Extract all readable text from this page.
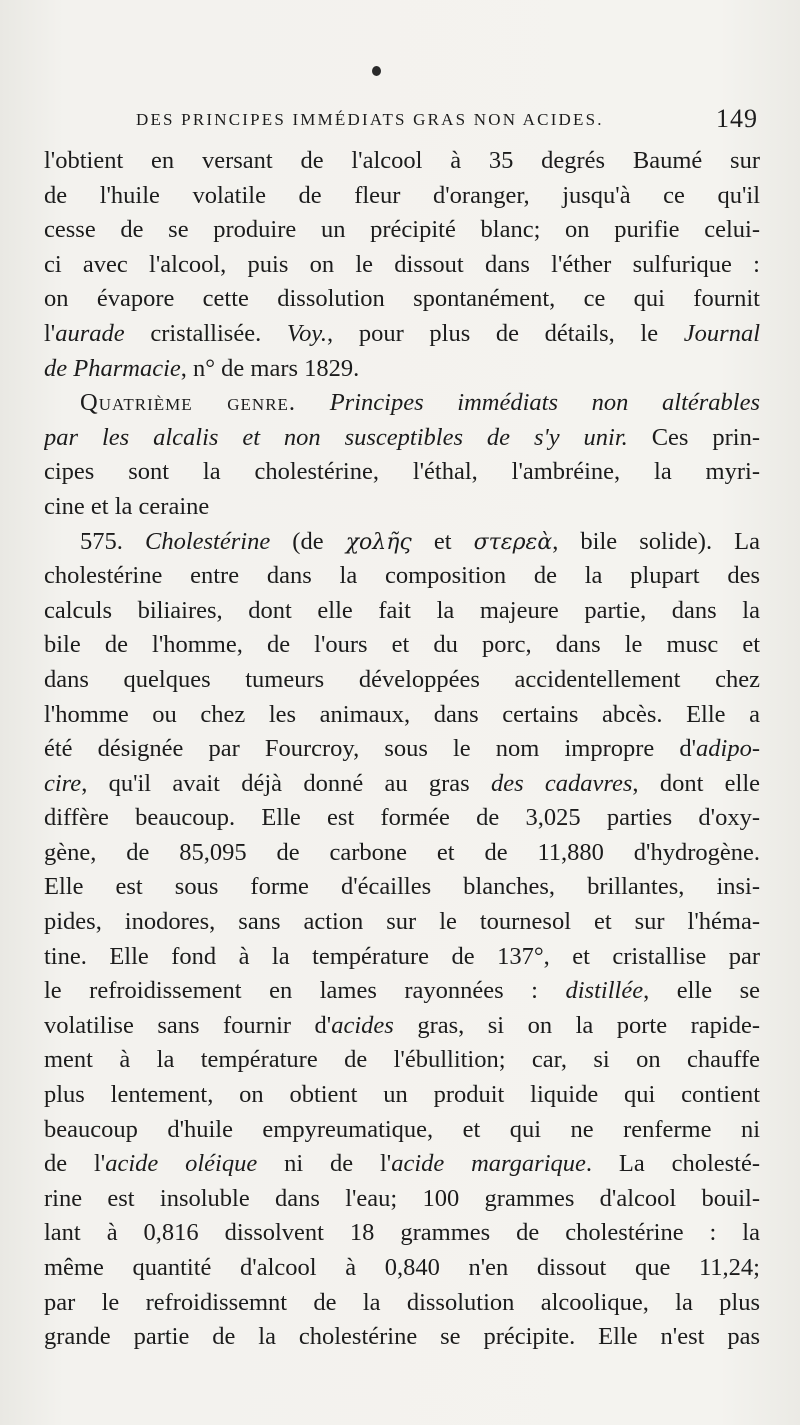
DES PRINCIPES IMMÉDIATS GRAS NON ACIDES.	149
l'obtient en versant de l'alcool à 35 degrés Baumé sur
de l'huile volatile de fleur d'oranger, jusqu'à ce qu'il
cesse de se produire un précipité blanc; on purifie celui-
ci avec l'alcool, puis on le dissout dans l'éther sulfurique :
on évapore cette dissolution spontanément, ce qui fournit
l'aurade cristallisée. Voy., pour plus de détails, le Journal
de Pharmacie, n° de mars 1829.
Quatrième genre. Principes immédiats non altérables
par les alcalis et non susceptibles de s'y unir. Ces prin-
cipes sont la cholestérine, l'éthal, l'ambréine, la myri-
cine et la ceraine
575. Cholestérine (de χολῆς et στερεὰ, bile solide). La
cholestérine entre dans la composition de la plupart des
calculs biliaires, dont elle fait la majeure partie, dans la
bile de l'homme, de l'ours et du porc, dans le musc et
dans quelques tumeurs développées accidentellement chez
l'homme ou chez les animaux, dans certains abcès. Elle a
été désignée par Fourcroy, sous le nom impropre d'adipo-
cire, qu'il avait déjà donné au gras des cadavres, dont elle
diffère beaucoup. Elle est formée de 3,025 parties d'oxy-
gène, de 85,095 de carbone et de 11,880 d'hydrogène.
Elle est sous forme d'écailles blanches, brillantes, insi-
pides, inodores, sans action sur le tournesol et sur l'héma-
tine. Elle fond à la température de 137°, et cristallise par
le refroidissement en lames rayonnées : distillée, elle se
volatilise sans fournir d'acides gras, si on la porte rapide-
ment à la température de l'ébullition; car, si on chauffe
plus lentement, on obtient un produit liquide qui contient
beaucoup d'huile empyreumatique, et qui ne renferme ni
de l'acide oléique ni de l'acide margarique. La cholesté-
rine est insoluble dans l'eau; 100 grammes d'alcool bouil-
lant à 0,816 dissolvent 18 grammes de cholestérine : la
même quantité d'alcool à 0,840 n'en dissout que 11,24;
par le refroidissemnt de la dissolution alcoolique, la plus
grande partie de la cholestérine se précipite. Elle n'est pas
